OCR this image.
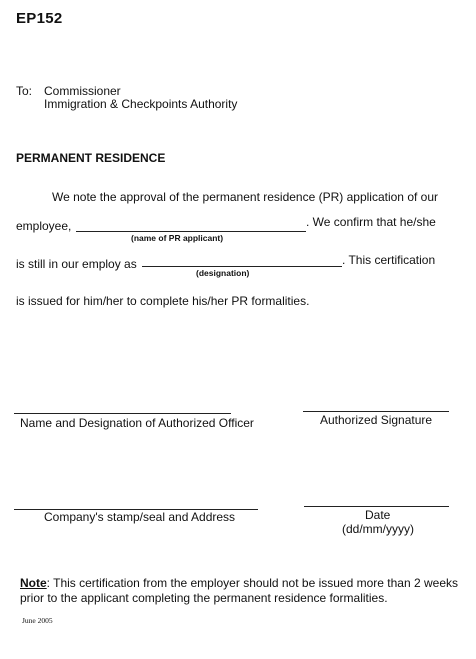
EP152
To: Commissioner
Immigration & Checkpoints Authority
PERMANENT RESIDENCE
We note the approval of the permanent residence (PR) application of our
employee,	. We confirm that he/she
(name of PR applicant)
is still in our employ as	. This certification
(designation)
is issued for him/her to complete his/her PR formalities.
Name and Designation of Authorized Officer	Authorized Signature
Company's stamp/seal and Address	Date
(dd/mm/yyyy)
Note: This certification from the employer should not be issued more than 2 weeks prior to the applicant completing the permanent residence formalities.
June 2005
